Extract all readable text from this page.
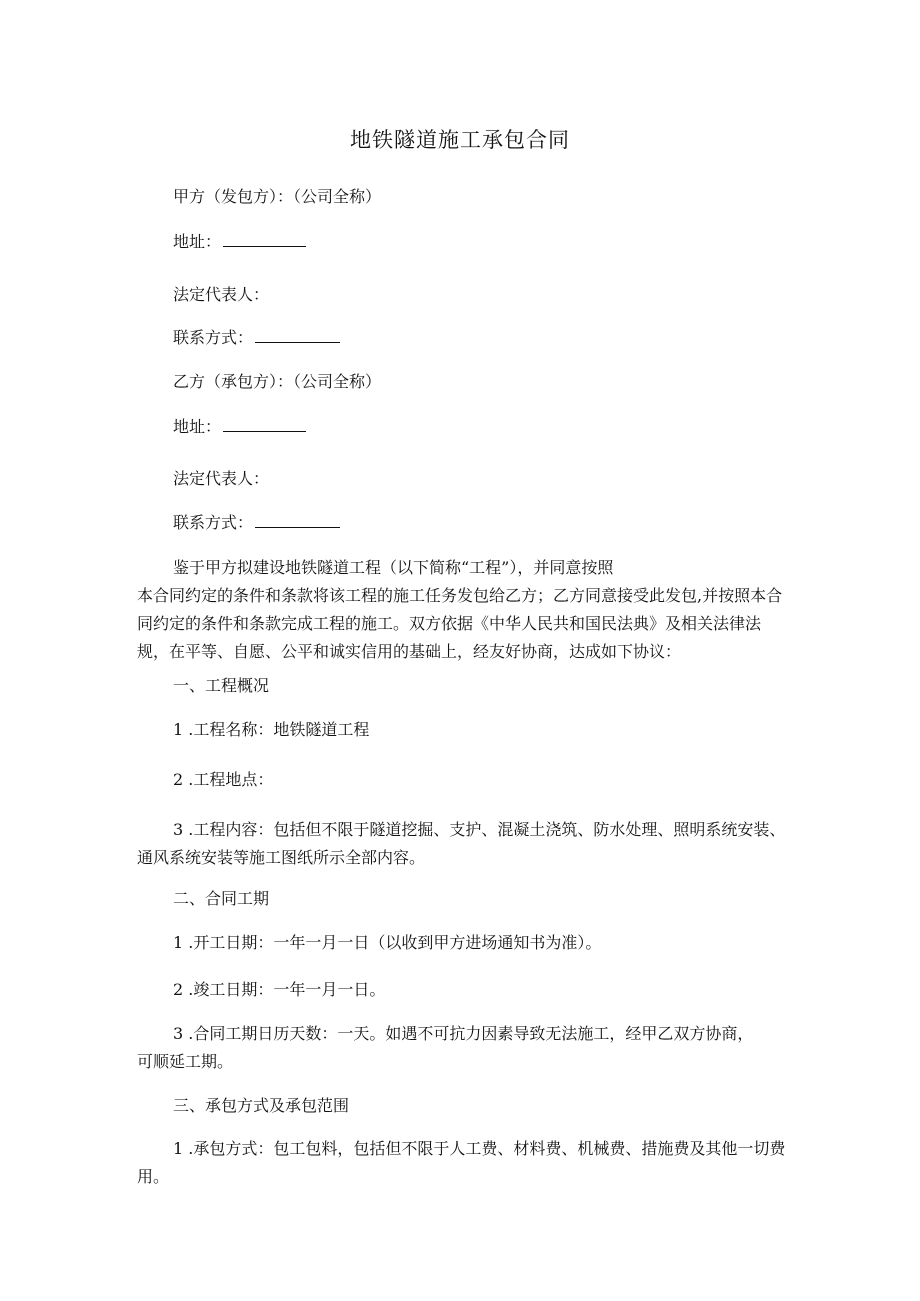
地铁隧道施工承包合同

甲方（发包方）：（公司全称）

地址：

法定代表人：

联系方式：

乙方（承包方）：（公司全称）

地址：

法定代表人：

联系方式：

鉴于甲方拟建设地铁隧道工程（以下简称“工程”），并同意按照
本合同约定的条件和条款将该工程的施工任务发包给乙方；乙方同意接受此发包,并按照本合同约定的条件和条款完成工程的施工。双方依据《中华人民共和国民法典》及相关法律法规，在平等、自愿、公平和诚实信用的基础上，经友好协商，达成如下协议：

一、工程概况

1 .工程名称：地铁隧道工程

2 .工程地点：

3 .工程内容：包括但不限于隧道挖掘、支护、混凝土浇筑、防水处理、照明系统安装、通风系统安装等施工图纸所示全部内容。

二、合同工期

1 .开工日期：一年一月一日（以收到甲方进场通知书为准）。

2 .竣工日期：一年一月一日。

3 .合同工期日历天数：一天。如遇不可抗力因素导致无法施工，经甲乙双方协商，可顺延工期。

三、承包方式及承包范围

1 .承包方式：包工包料，包括但不限于人工费、材料费、机械费、措施费及其他一切费用。
